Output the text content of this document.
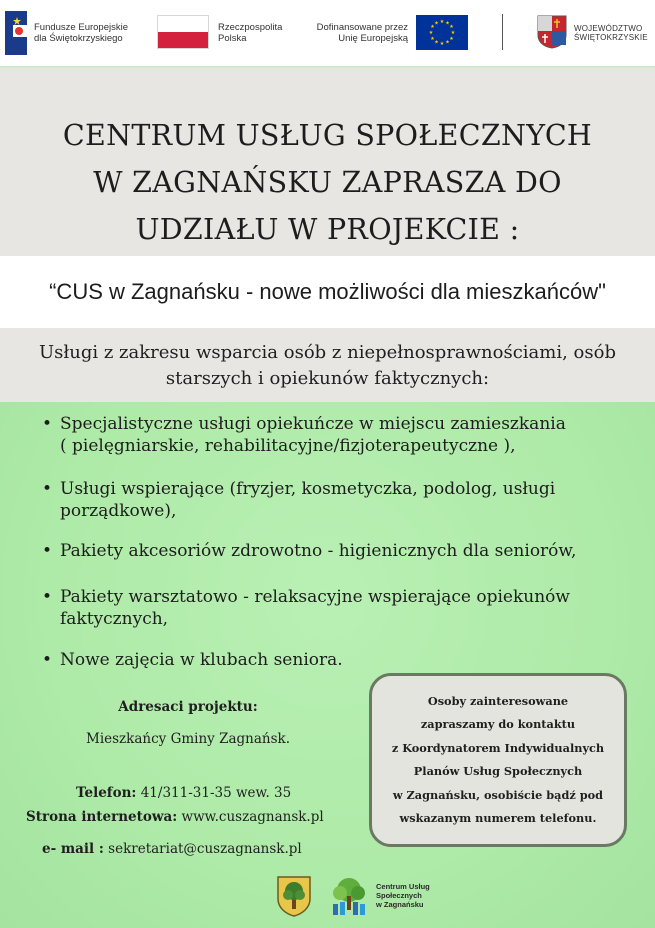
Fundusze Europejskie
dla Świętokrzyskiego
Rzeczpospolita
Polska
Dofinansowane przez
Unię Europejską
★ ★
★
★
★
★
★
★
★
★
★
★
WOJEWÓDZTWO
ŚWIĘTOKRZYSKIE
CENTRUM USŁUG SPOŁECZNYCH
W ZAGNAŃSKU ZAPRASZA DO
UDZIAŁU W PROJEKCIE :
“CUS w Zagnańsku - nowe możliwości dla mieszkańców"
Usługi z zakresu wsparcia osób z niepełnosprawnościami, osób
starszych i opiekunów faktycznych:
• Specjalistyczne usługi opiekuńcze w miejscu zamieszkania
( pielęgniarskie, rehabilitacyjne/fizjoterapeutyczne ),
• Usługi wspierające (fryzjer, kosmetyczka, podolog, usługi
porządkowe),
• Pakiety akcesoriów zdrowotno - higienicznych dla seniorów,
• Pakiety warsztatowo - relaksacyjne wspierające opiekunów
faktycznych,
• Nowe zajęcia w klubach seniora.
Adresaci projektu:
Mieszkańcy Gminy Zagnańsk.
Telefon: 41/311-31-35 wew. 35
Strona internetowa: www.cuszagnansk.pl
e- mail : sekretariat@cuszagnansk.pl

Osoby zainteresowane
zapraszamy do kontaktu
z Koordynatorem Indywidualnych
Planów Usług Społecznych
w Zagnańsku, osobiście bądź pod
wskazanym numerem telefonu.

Centrum Usług
Społecznych
w Zagnańsku
